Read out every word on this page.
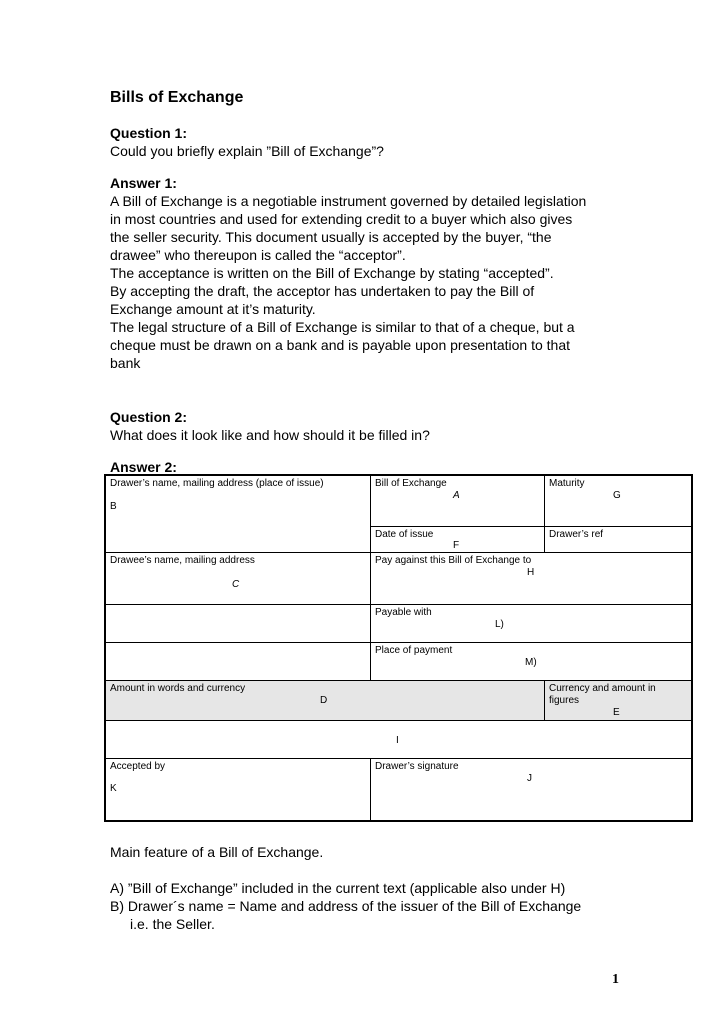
Bills of Exchange

Question 1:

Could you briefly explain ”Bill of Exchange”?

Answer 1:

A Bill of Exchange is a negotiable instrument governed by detailed legislation

in most countries and used for extending credit to a buyer which also gives

the seller security. This document usually is accepted by the buyer, “the

drawee” who thereupon is called the “acceptor”.

The acceptance is written on the Bill of Exchange by stating “accepted”.

By accepting the draft, the acceptor has undertaken to pay the Bill of

Exchange amount at it’s maturity.

The legal structure of a Bill of Exchange is similar to that of a cheque, but a

cheque must be drawn on a bank and is payable upon presentation to that

bank

Question 2:

What does it look like and how should it be filled in?

Answer 2:

Drawer’s name, mailing address (place of issue)
B
Bill of Exchange
A
Maturity
G
Date of issue
F
Drawer’s ref
Drawee’s name, mailing address
C
Pay against this Bill of Exchange to
H
Payable with
L)
Place of payment
M)
Amount in words and currency
D
Currency and amount in
figures
E
I
Accepted by
K
Drawer’s signature
J

Main feature of a Bill of Exchange.

A) ”Bill of Exchange” included in the current text (applicable also under H)

B) Drawer´s name = Name and address of the issuer of the Bill of Exchange

i.e. the Seller.

1
